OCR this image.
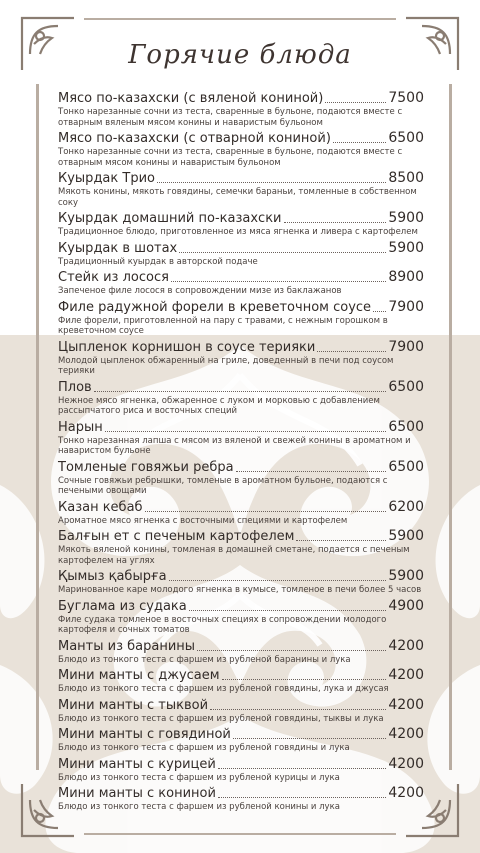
Горячие блюда
Мясо по-казахски (с вяленой кониной)	7500
Тонко нарезанные сочни из теста, сваренные в бульоне, подаются вместе с отварным вяленым мясом конины и наваристым бульоном
Мясо по-казахски (с отварной кониной)	6500
Тонко нарезанные сочни из теста, сваренные в бульоне, подаются вместе с отварным мясом конины и наваристым бульоном
Куырдак Трио	8500
Мякоть конины, мякоть говядины, семечки бараньи, томленные в собственном соку
Куырдак домашний по-казахски	5900
Традиционное блюдо, приготовленное из мяса ягненка и ливера с картофелем
Куырдак в шотах	5900
Традиционный куырдак в авторской подаче
Стейк из лосося	8900
Запеченое филе лосося в сопровождении мизе из баклажанов
Филе радужной форели в креветочном соусе 7900
Филе форели, приготовленной на пару с травами, с нежным горошком в креветочном соусе
Цыпленок корнишон в соусе терияки	7900
Молодой цыпленок обжаренный на гриле, доведенный в печи под соусом терияки
Плов	6500
Нежное мясо ягненка, обжаренное с луком и морковью с добавлением рассыпчатого риса и восточных специй
Нарын	6500
Тонко нарезанная лапша с мясом из вяленой и свежей конины в ароматном и наваристом бульоне
Томленые говяжьи ребра	6500
Сочные говяжьи ребрышки, томленые в ароматном бульоне, подаются с печеными овощами
Казан кебаб	6200
Ароматное мясо ягненка с восточными специями и картофелем
Балғын ет с печеным картофелем	5900
Мякоть вяленой конины, томленая в домашней сметане, подается с печеным картофелем на углях
Қымыз қабырға	5900
Маринованное каре молодого ягненка в кумысе, томленое в печи более 5 часов
Буглама из судака	4900
Филе судака томленое в восточных специях в сопровождении молодого картофеля и сочных томатов
Манты из баранины	4200
Блюдо из тонкого теста с фаршем из рубленой баранины и лука
Мини манты с джусаем	4200
Блюдо из тонкого теста с фаршем из рубленой говядины, лука и джусая
Мини манты с тыквой	4200
Блюдо из тонкого теста с фаршем из рубленой говядины, тыквы и лука
Мини манты с говядиной	4200
Блюдо из тонкого теста с фаршем из рубленой говядины и лука
Мини манты с курицей	4200
Блюдо из тонкого теста с фаршем из рубленой курицы и лука
Мини манты с кониной	4200
Блюдо из тонкого теста с фаршем из рубленой конины и лука
